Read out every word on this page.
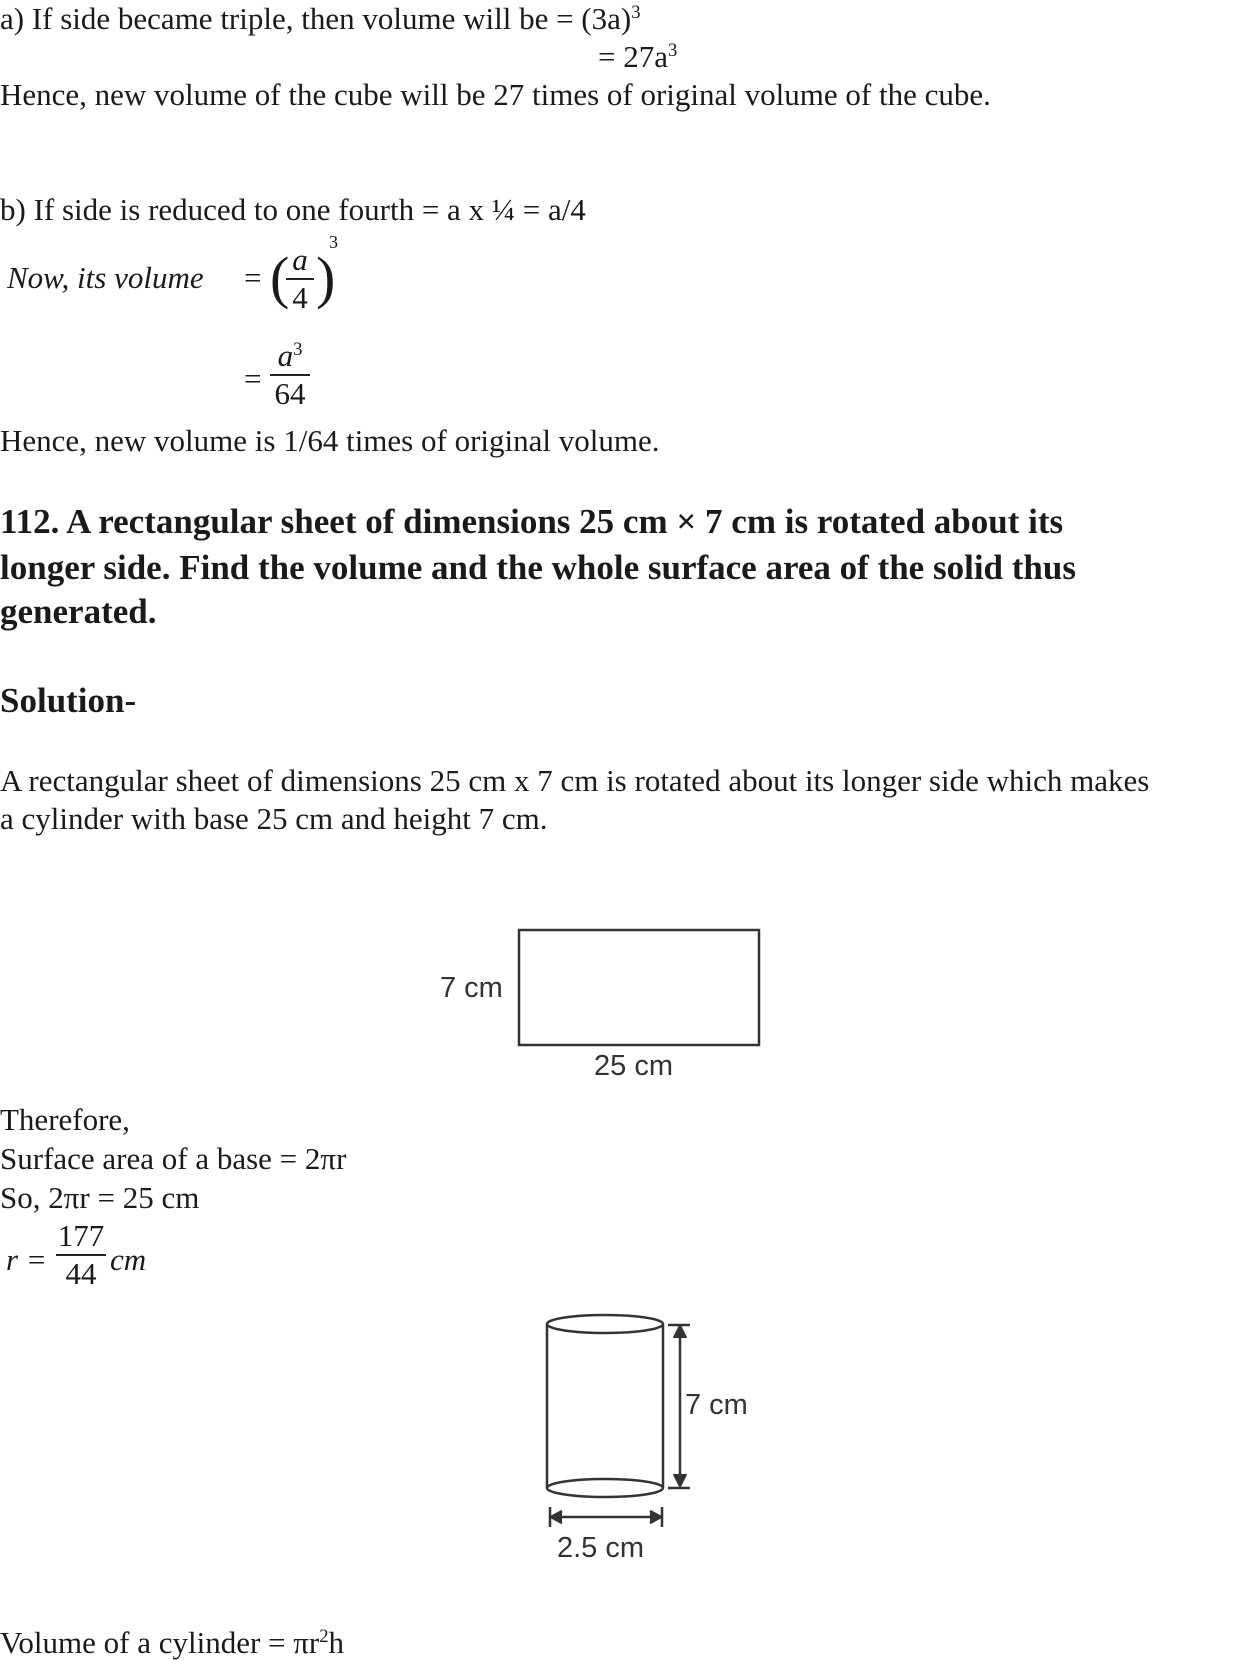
a) If side became triple, then volume will be = $(3a)^3$
= $27a^3$
Hence, new volume of the cube will be 27 times of original volume of the cube.
b) If side is reduced to one fourth = a x ¼ = a/4
Now, its volume = ( a
4 )
3
=
$a^3$
64
Hence, new volume is 1/64 times of original volume.
112. A rectangular sheet of dimensions 25 cm × 7 cm is rotated about its
longer side. Find the volume and the whole surface area of the solid thus
generated.
Solution-
A rectangular sheet of dimensions 25 cm x 7 cm is rotated about its longer side which makes
a cylinder with base 25 cm and height 7 cm.
7 cm
25 cm
7 cm
2.5 cm
Therefore,
Surface area of a base = 2πr
So, 2πr = 25 cm
r =
177
44 cm
Volume of a cylinder = $\pi r^2h$
